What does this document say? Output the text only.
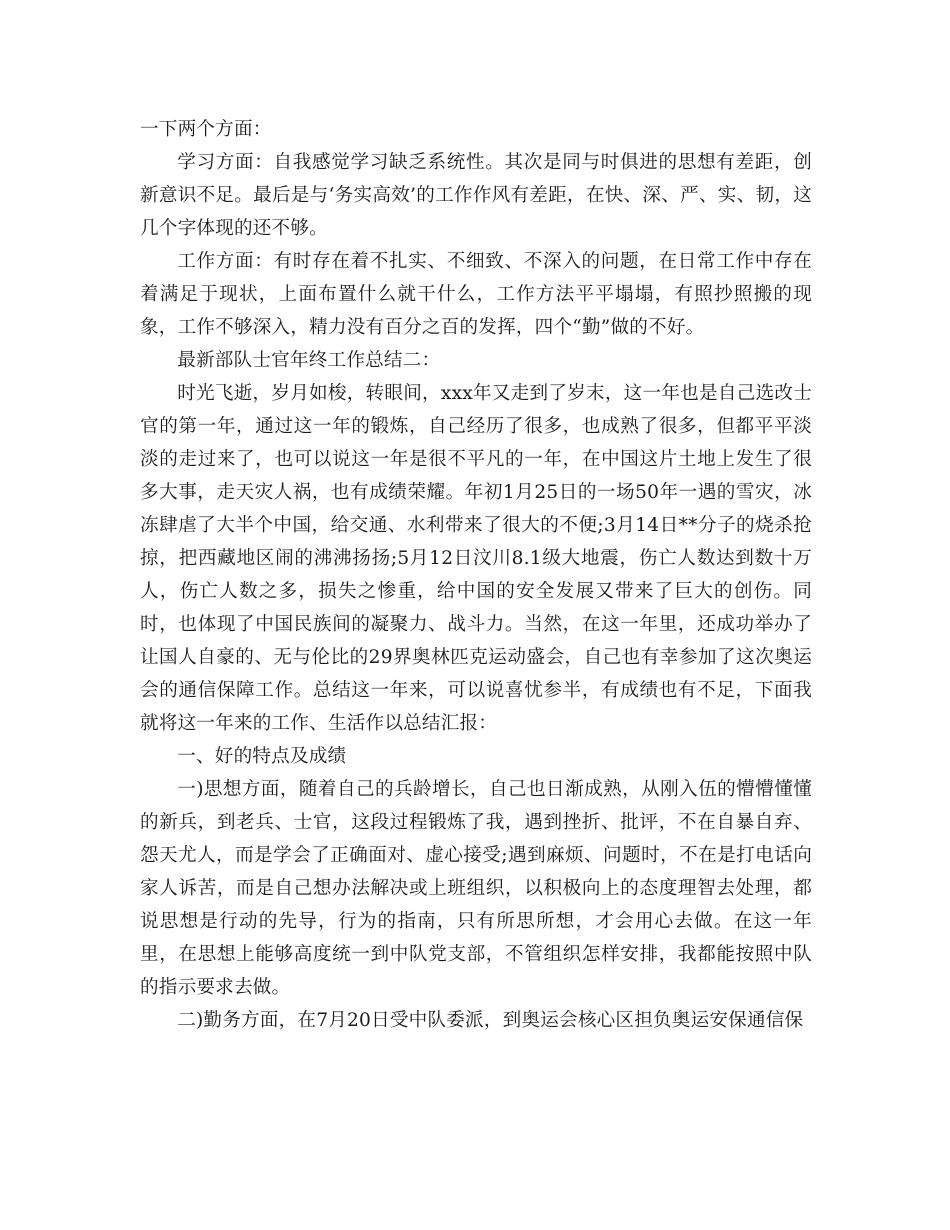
一下两个方面：

学习方面：自我感觉学习缺乏系统性。其次是同与时俱进的思想有差距，创新意识不足。最后是与‘务实高效’的工作作风有差距，在快、深、严、实、韧，这几个字体现的还不够。

工作方面：有时存在着不扎实、不细致、不深入的问题，在日常工作中存在着满足于现状，上面布置什么就干什么，工作方法平平塌塌，有照抄照搬的现象，工作不够深入，精力没有百分之百的发挥，四个“勤”做的不好。

最新部队士官年终工作总结二：

时光飞逝，岁月如梭，转眼间，xxx年又走到了岁末，这一年也是自己选改士官的第一年，通过这一年的锻炼，自己经历了很多，也成熟了很多，但都平平淡淡的走过来了，也可以说这一年是很不平凡的一年，在中国这片土地上发生了很多大事，走天灾人祸，也有成绩荣耀。年初1月25日的一场50年一遇的雪灾，冰冻肆虐了大半个中国，给交通、水利带来了很大的不便;3月14日**分子的烧杀抢掠，把西藏地区闹的沸沸扬扬;5月12日汶川8.1级大地震，伤亡人数达到数十万人，伤亡人数之多，损失之惨重，给中国的安全发展又带来了巨大的创伤。同时，也体现了中国民族间的凝聚力、战斗力。当然，在这一年里，还成功举办了让国人自豪的、无与伦比的29界奥林匹克运动盛会，自己也有幸参加了这次奥运会的通信保障工作。总结这一年来，可以说喜忧参半，有成绩也有不足，下面我就将这一年来的工作、生活作以总结汇报：

一、好的特点及成绩

一)思想方面，随着自己的兵龄增长，自己也日渐成熟，从刚入伍的懵懵懂懂的新兵，到老兵、士官，这段过程锻炼了我，遇到挫折、批评，不在自暴自弃、怨天尤人，而是学会了正确面对、虚心接受;遇到麻烦、问题时，不在是打电话向家人诉苦，而是自己想办法解决或上班组织，以积极向上的态度理智去处理，都说思想是行动的先导，行为的指南，只有所思所想，才会用心去做。在这一年里，在思想上能够高度统一到中队党支部，不管组织怎样安排，我都能按照中队的指示要求去做。

二)勤务方面，在7月20日受中队委派，到奥运会核心区担负奥运安保通信保
